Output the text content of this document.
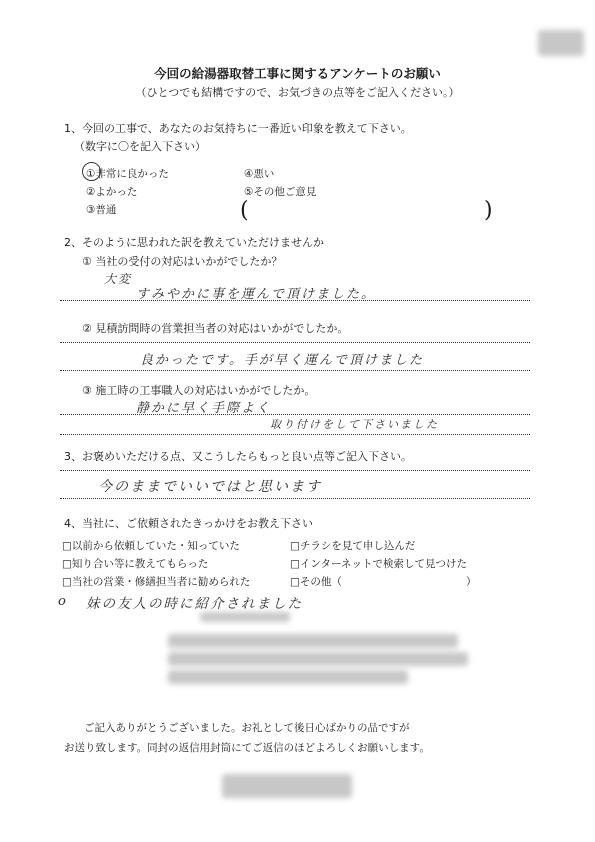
今回の給湯器取替工事に関するアンケートのお願い
（ひとつでも結構ですので、お気づきの点等をご記入ください。）
1、今回の工事で、あなたのお気持ちに一番近い印象を教えて下さい。
（数字に〇を記入下さい）
①非常に良かった
②よかった
③普通
④悪い
⑤その他ご意見
(	)
2、そのように思われた訳を教えていただけませんか
① 当社の受付の対応はいかがでしたか？
大変
すみやかに事を運んで頂けました。
② 見積訪問時の営業担当者の対応はいかがでしたか。
良かったです。手が早く運んで頂けました
③ 施工時の工事職人の対応はいかがでしたか。
静かに早く手際よく
取り付けをして下さいました
3、お褒めいただける点、又こうしたらもっと良い点等ご記入下さい。
今のままでいいではと思います
4、当社に、ご依頼されたきっかけをお教え下さい
□以前から依頼していた・知っていた
□知り合い等に教えてもらった
□当社の営業・修繕担当者に勧められた
□チラシを見て申し込んだ
□インターネットで検索して見つけた
□その他（	）
o 妹の友人の時に紹介されました
ご記入ありがとうございました。お礼として後日心ばかりの品ですが
お送り致します。同封の返信用封筒にてご返信のほどよろしくお願いします。
